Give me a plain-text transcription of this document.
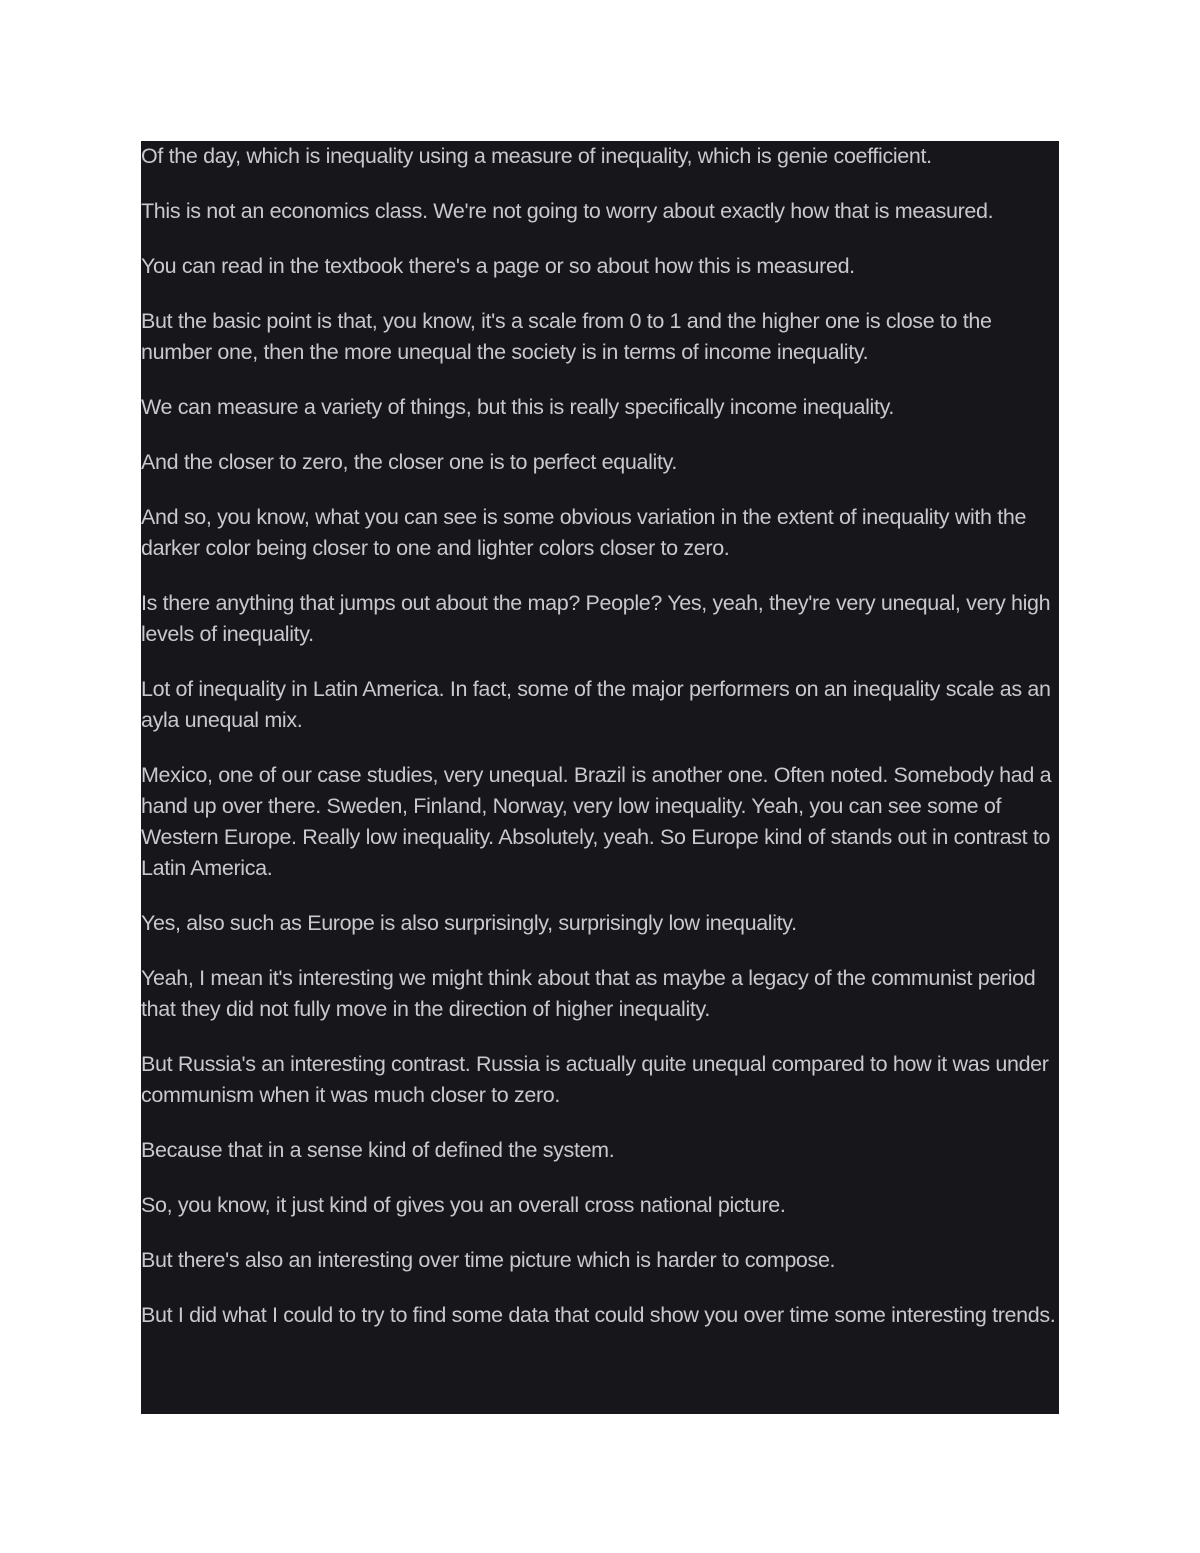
Of the day, which is inequality using a measure of inequality, which is genie coefficient.

This is not an economics class. We're not going to worry about exactly how that is measured.

You can read in the textbook there's a page or so about how this is measured.

But the basic point is that, you know, it's a scale from 0 to 1 and the higher one is close to the number one, then the more unequal the society is in terms of income inequality.

We can measure a variety of things, but this is really specifically income inequality.

And the closer to zero, the closer one is to perfect equality.

And so, you know, what you can see is some obvious variation in the extent of inequality with the darker color being closer to one and lighter colors closer to zero.

Is there anything that jumps out about the map? People? Yes, yeah, they're very unequal, very high levels of inequality.

Lot of inequality in Latin America. In fact, some of the major performers on an inequality scale as an ayla unequal mix.

Mexico, one of our case studies, very unequal. Brazil is another one. Often noted. Somebody had a hand up over there. Sweden, Finland, Norway, very low inequality. Yeah, you can see some of Western Europe. Really low inequality. Absolutely, yeah. So Europe kind of stands out in contrast to Latin America.

Yes, also such as Europe is also surprisingly, surprisingly low inequality.

Yeah, I mean it's interesting we might think about that as maybe a legacy of the communist period that they did not fully move in the direction of higher inequality.

But Russia's an interesting contrast. Russia is actually quite unequal compared to how it was under communism when it was much closer to zero.

Because that in a sense kind of defined the system.

So, you know, it just kind of gives you an overall cross national picture.

But there's also an interesting over time picture which is harder to compose.

But I did what I could to try to find some data that could show you over time some interesting trends.
